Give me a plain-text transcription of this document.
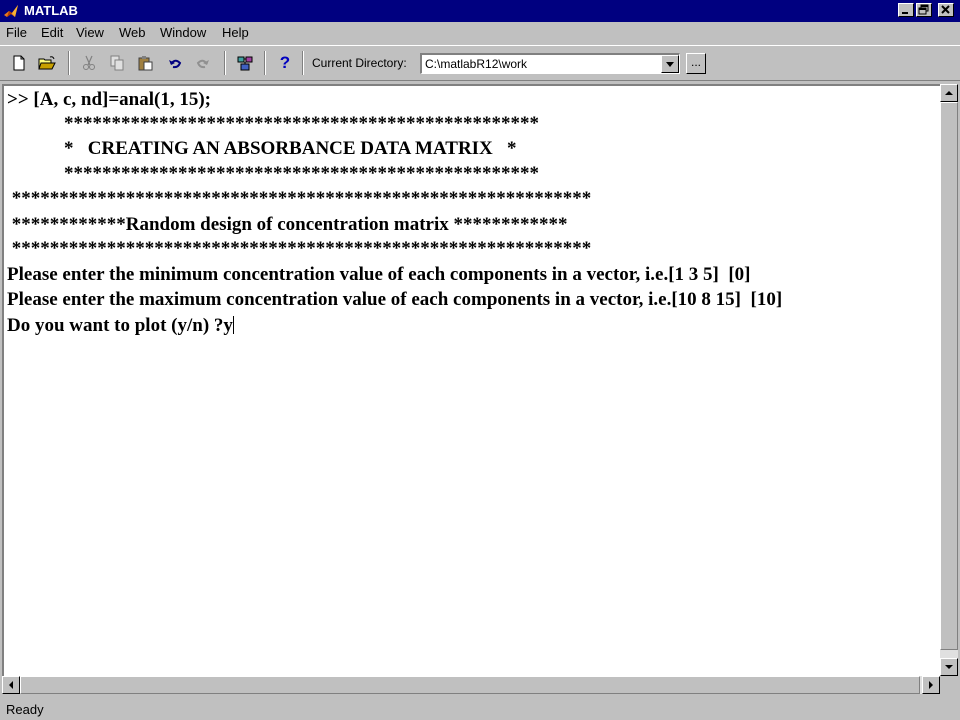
MATLAB
File Edit View Web Window Help
? Current Directory:
C:\matlabR12\work	...
>> [A, c, nd]=anal(1, 15);
**************************************************
*   CREATING AN ABSORBANCE DATA MATRIX   *
**************************************************
*************************************************************
************Random design of concentration matrix ************
*************************************************************
Please enter the minimum concentration value of each components in a vector, i.e.[1 3 5]  [0]
Please enter the maximum concentration value of each components in a vector, i.e.[10 8 15]  [10]
Do you want to plot (y/n) ?y
Ready
